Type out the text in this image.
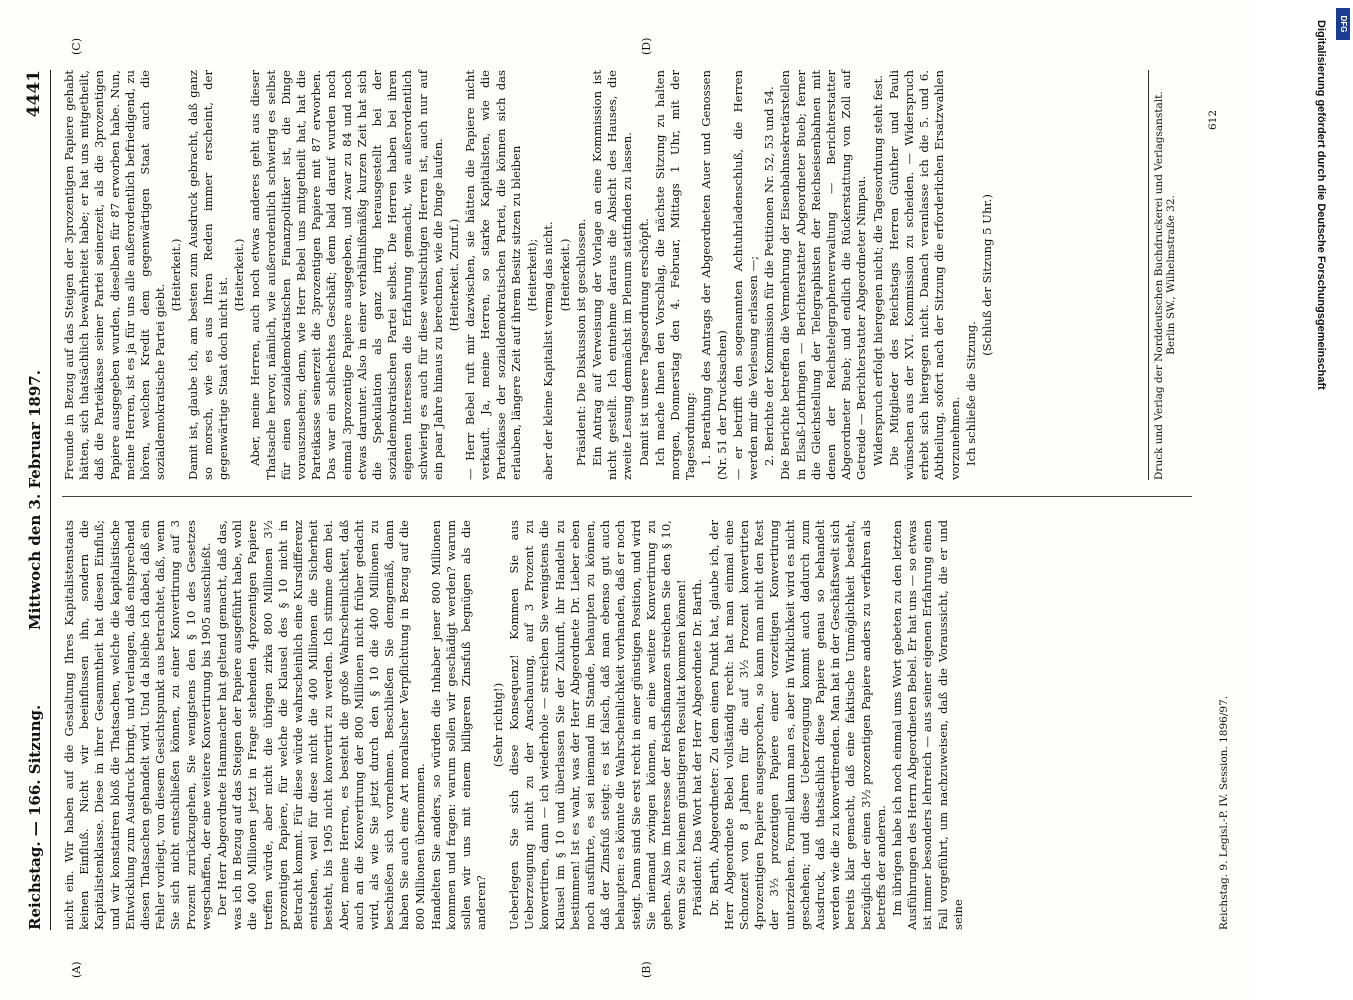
Reichstag. — 166. Sitzung.
Mittwoch den 3. Februar 1897.
4441
(A)	(B)
(C)	(D)

nicht ein. Wir haben auf die Gestaltung Ihres Kapitalistenstaats keinen Einfluß. Nicht wir beeinflussen ihn, sondern die Kapitalistenklasse. Diese in ihrer Gesammtheit hat diesen Einfluß; und wir konstatiren bloß die Thatsachen, welche die kapitalistische Entwicklung zum Ausdruck bringt, und verlangen, daß entsprechend diesen Thatsachen gehandelt wird. Und da bleibe ich dabei, daß ein Fehler vorliegt, von diesem Gesichtspunkt aus betrachtet, daß, wenn Sie sich nicht entschließen können, zu einer Konvertirung auf 3 Prozent zurückzugehen, Sie wenigstens den § 10 des Gesetzes wegschaffen, der eine weitere Konvertirung bis 1905 ausschließt. Der Herr Abgeordnete Hammacher hat geltend gemacht, daß das, was ich in Bezug auf das Steigen der Papiere ausgeführt habe, wohl die 400 Millionen jetzt in Frage stehenden 4prozentigen Papiere treffen würde, aber nicht die übrigen zirka 800 Millionen 3½ prozentigen Papiere, für welche die Klausel des § 10 nicht in Betracht kommt. Für diese würde wahrscheinlich eine Kursdifferenz entstehen, weil für diese nicht die 400 Millionen die Sicherheit besteht, bis 1905 nicht konvertirt zu werden. Ich stimme dem bei. Aber, meine Herren, es besteht die große Wahrscheinlichkeit, daß auch an die Konvertirung der 800 Millionen nicht früher gedacht wird, als wie Sie jetzt durch den § 10 die 400 Millionen zu beschießen sich vornehmen. Beschließen Sie demgemäß, dann haben Sie auch eine Art moralischer Verpflichtung in Bezug auf die 800 Millionen übernommen. Handelten Sie anders, so würden die Inhaber jener 800 Millionen kommen und fragen: warum sollen wir geschädigt werden? warum sollen wir uns mit einem billigeren Zinsfuß begnügen als die anderen?

(Sehr richtig!) Ueberlegen Sie sich diese Konsequenz! Kommen Sie aus Ueberzeugung nicht zu der Anschauung, auf 3 Prozent zu konvertiren, dann — ich wiederhole — streichen Sie wenigstens die Klausel im § 10 und überlassen Sie der Zukunft, ihr Handeln zu bestimmen! Ist es wahr, was der Herr Abgeordnete Dr. Lieber eben noch ausführte, es sei niemand im Stande, behaupten zu können, daß der Zinsfuß steigt: es ist falsch, daß man ebenso gut auch behaupten: es könnte die Wahrscheinlichkeit vorhanden, daß er noch steigt. Dann sind Sie erst recht in einer günstigen Position, und wird Sie niemand zwingen können, an eine weitere Konvertirung zu gehen. Also im Interesse der Reichsfinanzen streichen Sie den § 10, wenn Sie zu keinem günstigeren Resultat kommen können! Präsident: Das Wort hat der Herr Abgeordnete Dr. Barth. Dr. Barth, Abgeordneter: Zu dem einen Punkt hat, glaube ich, der Herr Abgeordnete Bebel vollständig recht: hat man einmal eine Schonzeit von 8 Jahren für die auf 3½ Prozent konvertirten 4prozentigen Papiere ausgesprochen, so kann man nicht den Rest der 3½ prozentigen Papiere einer vorzeitigen Konvertirung unterziehen. Formell kann man es, aber in Wirklichkeit wird es nicht geschehen; und diese Ueberzeugung kommt auch dadurch zum Ausdruck, daß thatsächlich diese Papiere genau so behandelt werden wie die zu konvertirenden. Man hat in der Geschäftswelt sich bereits klar gemacht, daß eine faktische Unmöglichkeit besteht, bezüglich der einen 3½ prozentigen Papiere anders zu verfahren als betreffs der anderen. Im übrigen habe ich noch einmal ums Wort gebeten zu den letzten Ausführungen des Herrn Abgeordneten Bebel. Er hat uns — so etwas ist immer besonders lehrreich — aus seiner eigenen Erfahrung einen Fall vorgeführt, um nachzuweisen, daß die Voraussicht, die er und seine

Freunde in Bezug auf das Steigen der 3prozentigen Papiere gehabt hätten, sich thatsächlich bewahrheitet habe; er hat uns mitgetheilt, daß die Parteikasse seiner Partei seinerzeit, als die 3prozentigen Papiere ausgegeben wurden, dieselben für 87 erworben habe. Nun, meine Herren, ist es ja für uns alle außerordentlich befriedigend, zu hören, welchen Kredit dem gegenwärtigen Staat auch die sozialdemokratische Partei giebt.

(Heiterkeit.) Damit ist, glaube ich, am besten zum Ausdruck gebracht, daß ganz so morsch, wie es aus Ihren Reden immer erscheint, der gegenwärtige Staat doch nicht ist.

(Heiterkeit.) Aber, meine Herren, auch noch etwas anderes geht aus dieser Thatsache hervor, nämlich, wie außerordentlich schwierig es selbst für einen sozialdemokratischen Finanzpolitiker ist, die Dinge vorauszusehen; denn, wie Herr Bebel uns mitgetheilt hat, hat die Parteikasse seinerzeit die 3prozentigen Papiere mit 87 erworben. Das war ein schlechtes Geschäft; denn bald darauf wurden noch einmal 3prozentige Papiere ausgegeben, und zwar zu 84 und noch etwas darunter. Also in einer verhältnißmäßig kurzen Zeit hat sich die Spekulation als ganz irrig herausgestellt bei der sozialdemokratischen Partei selbst. Die Herren haben bei ihren eigenen Interessen die Erfahrung gemacht, wie außerordentlich schwierig es auch für diese weitsichtigen Herren ist, auch nur auf ein paar Jahre hinaus zu berechnen, wie die Dinge laufen. (Heiterkeit. Zuruf.) — Herr Bebel ruft mir dazwischen, sie hätten die Papiere nicht verkauft. Ja, meine Herren, so starke Kapitalisten, wie die Parteikasse der sozialdemokratischen Partei, die können sich das erlauben, längere Zeit auf ihrem Besitz sitzen zu bleiben (Heiterkeit); aber der kleine Kapitalist vermag das nicht. (Heiterkeit.) Präsident: Die Diskussion ist geschlossen. Ein Antrag auf Verweisung der Vorlage an eine Kommission ist nicht gestellt. Ich entnehme daraus die Absicht des Hauses, die zweite Lesung demnächst im Plenum stattfinden zu lassen. Damit ist unsere Tagesordnung erschöpft. Ich mache Ihnen den Vorschlag, die nächste Sitzung zu halten morgen, Donnerstag den 4. Februar, Mittags 1 Uhr, mit der Tagesordnung: 1. Berathung des Antrags der Abgeordneten Auer und Genossen (Nr. 51 der Drucksachen) — er betrifft den sogenannten Achtuhrladenschluß, die Herren werden mir die Verlesung erlassen —; 2. Berichte der Kommission für die Petitionen Nr. 52, 53 und 54. Die Berichte betreffen die Vermehrung der Eisenbahnsekretärstellen in Elsaß-Lothringen — Berichterstatter Abgeordneter Bueb; ferner die Gleichstellung der Telegraphisten der Reichseisenbahnen mit denen der Reichstelegraphenverwaltung — Berichterstatter Abgeordneter Bueb; und endlich die Rückerstattung von Zoll auf Getreide — Berichterstatter Abgeordneter Nimpau. Widerspruch erfolgt hiergegen nicht; die Tagesordnung steht fest. Die Mitglieder des Reichstags Herren Günther und Pauli wünschen aus der XVI. Kommission zu scheiden. — Widerspruch erhebt sich hiergegen nicht. Danach veranlasse ich die 5. und 6. Abtheilung, sofort nach der Sitzung die erforderlichen Ersatzwahlen vorzunehmen. Ich schließe die Sitzung.

(Schluß der Sitzung 5 Uhr.)

Reichstag. 9. Legisl.-P. IV. Session. 1896/97.
Druck und Verlag der Norddeutschen Buchdruckerei und Verlagsanstalt. Berlin SW., Wilhelmstraße 32.
612	Digitalisierung gefördert durch die Deutsche Forschungsgemeinschaft	DFG
